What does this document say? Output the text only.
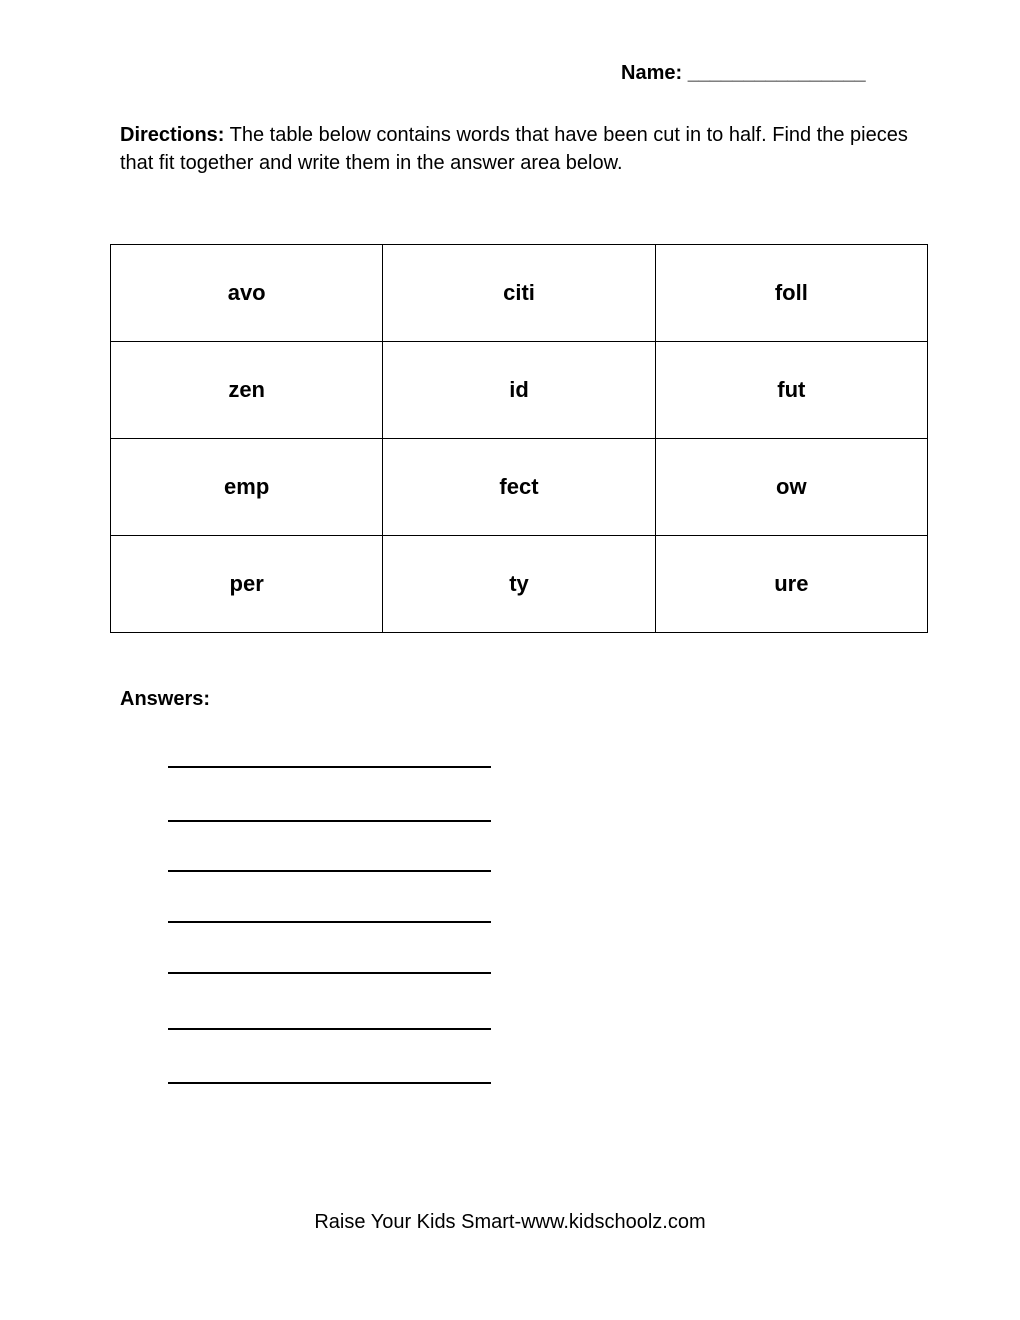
Name: ________________
Directions: The table below contains words that have been cut in to half. Find the pieces that fit together and write them in the answer area below.
avo	citi	foll
zen	id	fut
emp	fect	ow
per	ty	ure
Answers:
Raise Your Kids Smart-www.kidschoolz.com
